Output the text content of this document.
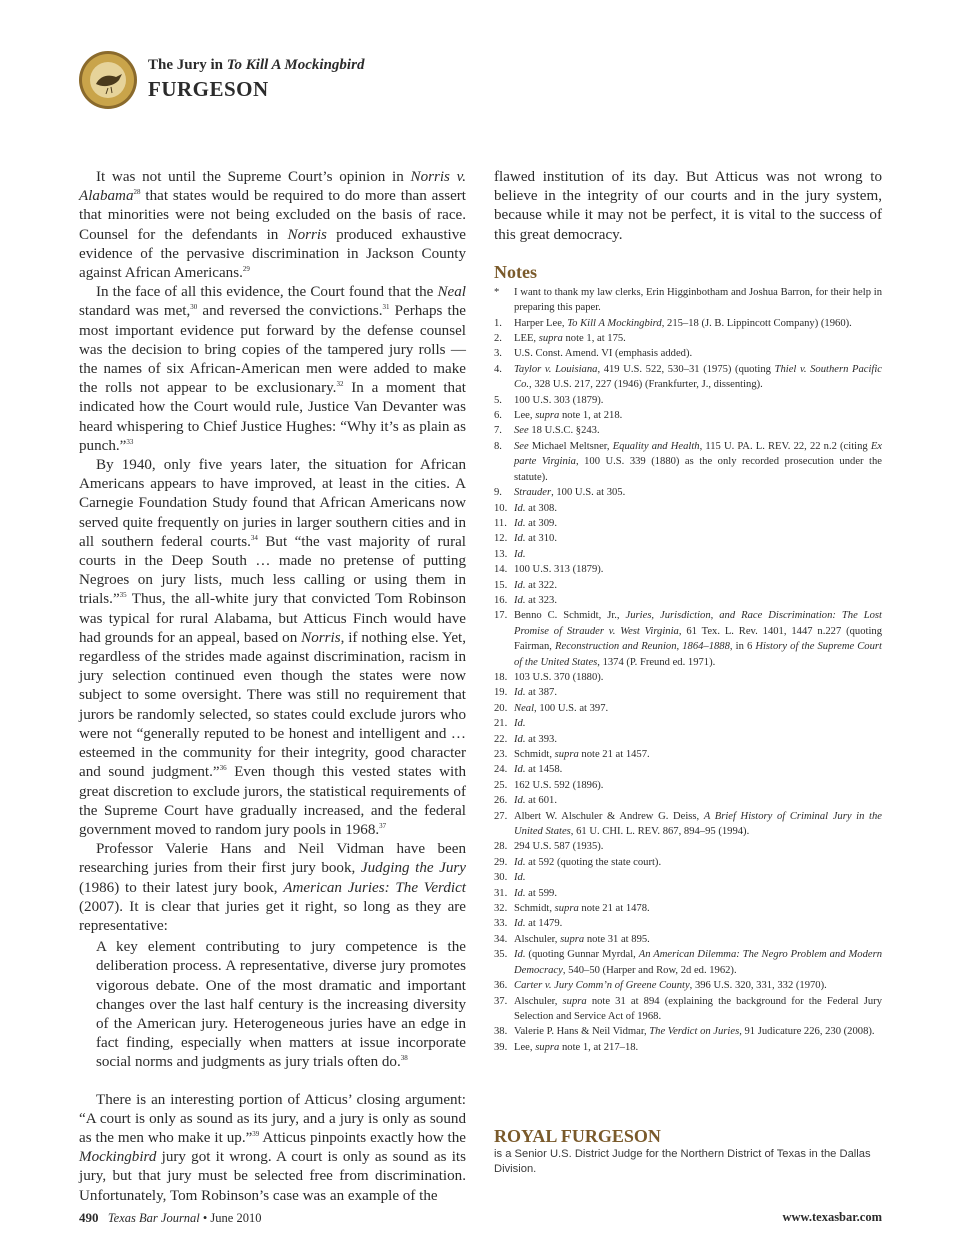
The Jury in To Kill A Mockingbird
FURGESON

It was not until the Supreme Court’s opinion in Norris v. Alabama$^{28}$ that states would be required to do more than assert that minorities were not being excluded on the basis of race. Counsel for the defendants in Norris produced exhaustive evidence of the pervasive discrimination in Jackson County against African Americans.$^{29}$

In the face of all this evidence, the Court found that the Neal standard was met,$^{30}$ and reversed the convictions.$^{31}$ Perhaps the most important evidence put forward by the defense counsel was the decision to bring copies of the tampered jury rolls — the names of six African-American men were added to make the rolls not appear to be exclusionary.$^{32}$ In a moment that indicated how the Court would rule, Justice Van Devanter was heard whispering to Chief Justice Hughes: “Why it’s as plain as punch.”$^{33}$

By 1940, only five years later, the situation for African Americans appears to have improved, at least in the cities. A Carnegie Foundation Study found that African Americans now served quite frequently on juries in larger southern cities and in all southern federal courts.$^{34}$ But “the vast majority of rural courts in the Deep South … made no pretense of putting Negroes on jury lists, much less calling or using them in trials.”$^{35}$ Thus, the all-white jury that convicted Tom Robinson was typical for rural Alabama, but Atticus Finch would have had grounds for an appeal, based on Norris, if nothing else. Yet, regardless of the strides made against discrimination, racism in jury selection continued even though the states were now subject to some oversight. There was still no requirement that jurors be randomly selected, so states could exclude jurors who were not “generally reputed to be honest and intelligent and … esteemed in the community for their integrity, good character and sound judgment.”$^{36}$ Even though this vested states with great discretion to exclude jurors, the statistical requirements of the Supreme Court have gradually increased, and the federal government moved to random jury pools in 1968.37

Professor Valerie Hans and Neil Vidman have been researching juries from their first jury book, Judging the Jury (1986) to their latest jury book, American Juries: The Verdict (2007). It is clear that juries get it right, so long as they are representative:

A key element contributing to jury competence is the deliberation process. A representative, diverse jury promotes vigorous debate. One of the most dramatic and important changes over the last half century is the increasing diversity of the American jury. Heterogeneous juries have an edge in fact finding, especially when matters at issue incorporate social norms and judgments as jury trials often do.$^{38}$

There is an interesting portion of Atticus’ closing argument: “A court is only as sound as its jury, and a jury is only as sound as the men who make it up.”$^{39}$ Atticus pinpoints exactly how the Mockingbird jury got it wrong. A court is only as sound as its jury, but that jury must be selected free from discrimination. Unfortunately, Tom Robinson’s case was an example of the

flawed institution of its day. But Atticus was not wrong to believe in the integrity of our courts and in the jury system, because while it may not be perfect, it is vital to the success of this great democracy.

Notes
* I want to thank my law clerks, Erin Higginbotham and Joshua Barron, for their help in preparing this paper.
1. Harper Lee, To Kill A Mockingbird, 215–18 (J. B. Lippincott Company) (1960).
2. LEE, supra note 1, at 175.
3. U.S. Const. Amend. VI (emphasis added).
4. Taylor v. Louisiana, 419 U.S. 522, 530–31 (1975) (quoting Thiel v. Southern Pacific Co., 328 U.S. 217, 227 (1946) (Frankfurter, J., dissenting).
5. 100 U.S. 303 (1879).
6. Lee, supra note 1, at 218.
7. See 18 U.S.C. §243.
8. See Michael Meltsner, Equality and Health, 115 U. PA. L. REV. 22, 22 n.2 (citing Ex parte Virginia, 100 U.S. 339 (1880) as the only recorded prosecution under the statute).
9. Strauder, 100 U.S. at 305.
10. Id. at 308.
11. Id. at 309.
12. Id. at 310.
13. Id.
14. 100 U.S. 313 (1879).
15. Id. at 322.
16. Id. at 323.
17. Benno C. Schmidt, Jr., Juries, Jurisdiction, and Race Discrimination: The Lost Promise of Strauder v. West Virginia, 61 Tex. L. Rev. 1401, 1447 n.227 (quoting Fairman, Reconstruction and Reunion, 1864–1888, in 6 History of the Supreme Court of the United States, 1374 (P. Freund ed. 1971).
18. 103 U.S. 370 (1880).
19. Id. at 387.
20. Neal, 100 U.S. at 397.
21. Id.
22. Id. at 393.
23. Schmidt, supra note 21 at 1457.
24. Id. at 1458.
25. 162 U.S. 592 (1896).
26. Id. at 601.
27. Albert W. Alschuler & Andrew G. Deiss, A Brief History of Criminal Jury in the United States, 61 U. CHI. L. REV. 867, 894–95 (1994).
28. 294 U.S. 587 (1935).
29. Id. at 592 (quoting the state court).
30. Id.
31. Id. at 599.
32. Schmidt, supra note 21 at 1478.
33. Id. at 1479.
34. Alschuler, supra note 31 at 895.
35. Id. (quoting Gunnar Myrdal, An American Dilemma: The Negro Problem and Modern Democracy, 540–50 (Harper and Row, 2d ed. 1962).
36. Carter v. Jury Comm’n of Greene County, 396 U.S. 320, 331, 332 (1970).
37. Alschuler, supra note 31 at 894 (explaining the background for the Federal Jury Selection and Service Act of 1968.
38. Valerie P. Hans & Neil Vidmar, The Verdict on Juries, 91 Judicature 226, 230 (2008).
39. Lee, supra note 1, at 217–18.
ROYAL FURGESON
is a Senior U.S. District Judge for the Northern District of Texas in the Dallas Division.
490 Texas Bar Journal • June 2010	www.texasbar.com
